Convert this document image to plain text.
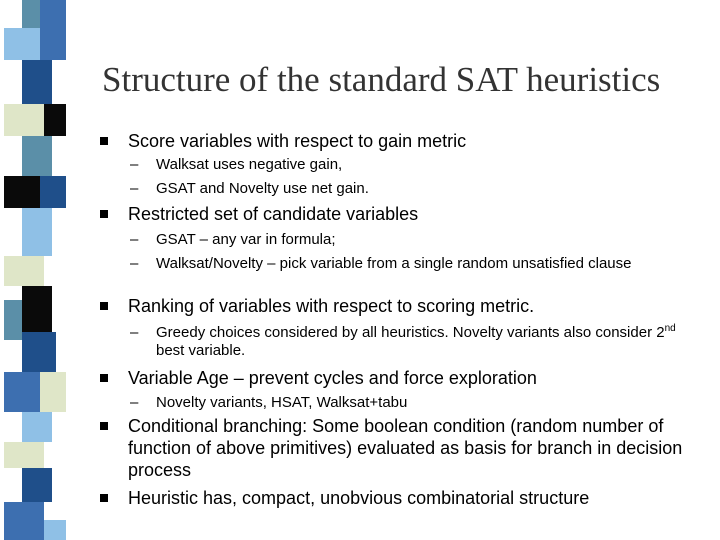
Structure of the standard SAT heuristics
Score variables with respect to gain metric
– Walksat uses negative gain,
– GSAT and Novelty use net gain.
Restricted set of candidate variables
– GSAT – any var in formula;
– Walksat/Novelty – pick variable from a single random unsatisfied clause
Ranking of variables with respect to scoring metric.
– Greedy choices considered by all heuristics. Novelty variants also consider 2nd best variable.
Variable Age – prevent cycles and force exploration
– Novelty variants, HSAT, Walksat+tabu
Conditional branching: Some boolean condition (random number of function of above primitives) evaluated as basis for branch in decision process
Heuristic has, compact, unobvious combinatorial structure
